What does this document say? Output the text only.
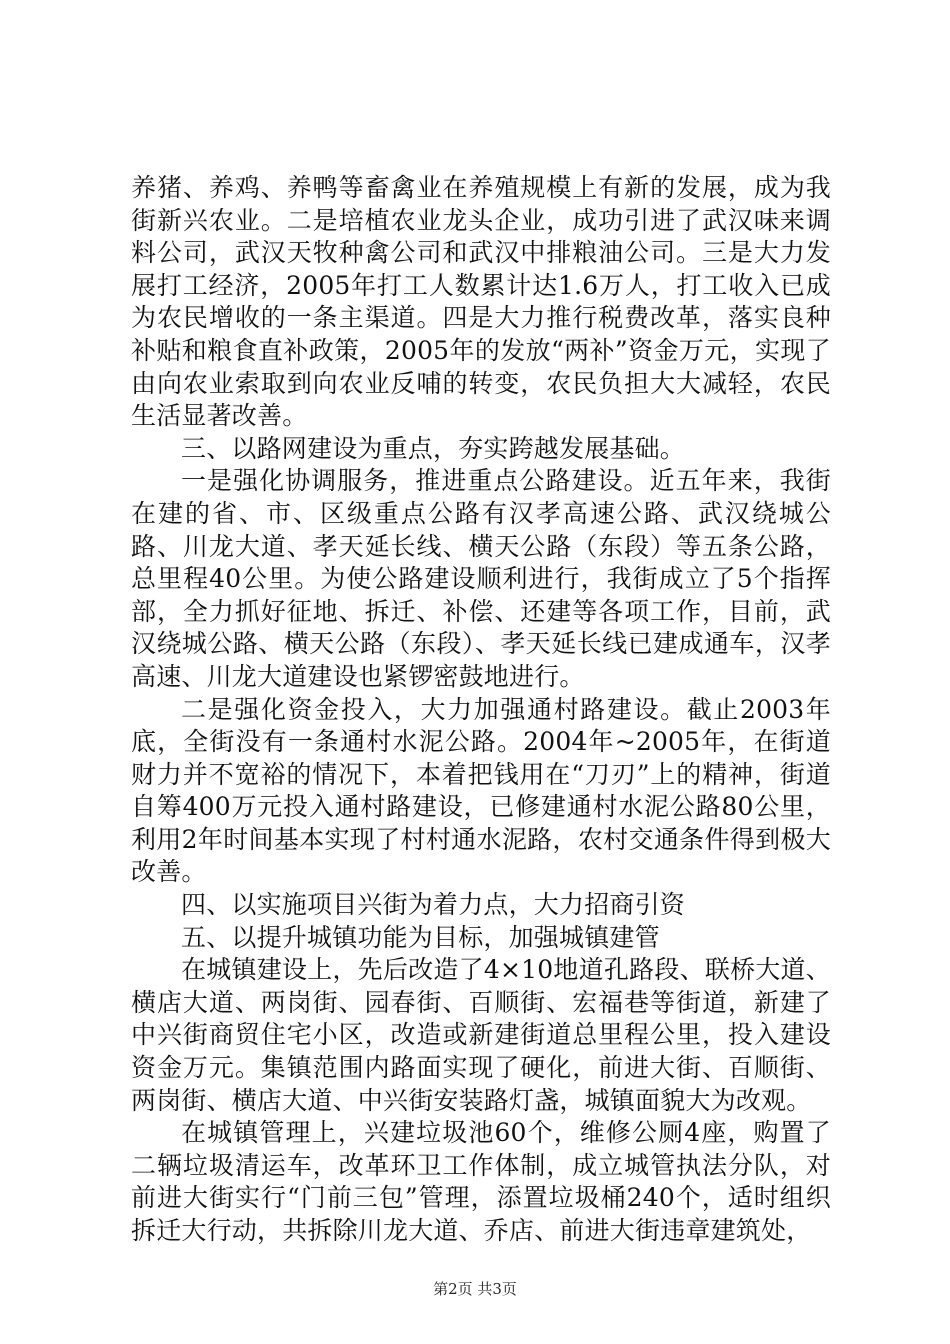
养猪、养鸡、养鸭等畜禽业在养殖规模上有新的发展，成为我街新兴农业。二是培植农业龙头企业，成功引进了武汉味来调料公司，武汉天牧种禽公司和武汉中排粮油公司。三是大力发展打工经济，2005年打工人数累计达1.6万人，打工收入已成为农民增收的一条主渠道。四是大力推行税费改革，落实良种补贴和粮食直补政策，2005年的发放“两补”资金万元，实现了由向农业索取到向农业反哺的转变，农民负担大大减轻，农民生活显著改善。

三、以路网建设为重点，夯实跨越发展基础。

一是强化协调服务，推进重点公路建设。近五年来，我街在建的省、市、区级重点公路有汉孝高速公路、武汉绕城公路、川龙大道、孝天延长线、横天公路（东段）等五条公路，总里程40公里。为使公路建设顺利进行，我街成立了5个指挥部，全力抓好征地、拆迁、补偿、还建等各项工作，目前，武汉绕城公路、横天公路（东段）、孝天延长线已建成通车，汉孝高速、川龙大道建设也紧锣密鼓地进行。

二是强化资金投入，大力加强通村路建设。截止2003年底，全街没有一条通村水泥公路。2004年~2005年，在街道财力并不宽裕的情况下，本着把钱用在“刀刃”上的精神，街道自筹400万元投入通村路建设，已修建通村水泥公路80公里，利用2年时间基本实现了村村通水泥路，农村交通条件得到极大改善。

四、以实施项目兴街为着力点，大力招商引资

五、以提升城镇功能为目标，加强城镇建管

在城镇建设上，先后改造了4×10地道孔路段、联桥大道、横店大道、两岗街、园春街、百顺街、宏福巷等街道，新建了中兴街商贸住宅小区，改造或新建街道总里程公里，投入建设资金万元。集镇范围内路面实现了硬化，前进大街、百顺街、两岗街、横店大道、中兴街安装路灯盏，城镇面貌大为改观。

在城镇管理上，兴建垃圾池60个，维修公厕4座，购置了二辆垃圾清运车，改革环卫工作体制，成立城管执法分队，对前进大街实行“门前三包”管理，添置垃圾桶240个，适时组织拆迁大行动，共拆除川龙大道、乔店、前进大街违章建筑处，

第2页 共3页
